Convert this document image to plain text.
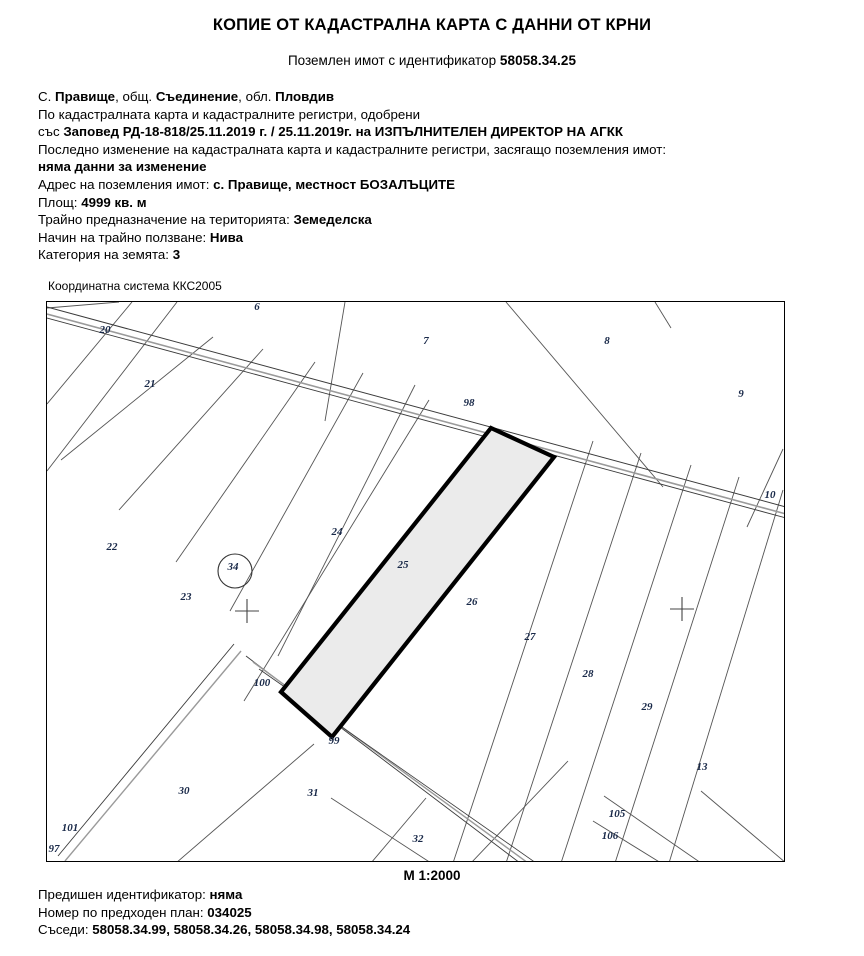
КОПИЕ ОТ КАДАСТРАЛНА КАРТА С ДАННИ ОТ КРНИ
Поземлен имот с идентификатор 58058.34.25
С. Правище, общ. Съединение, обл. Пловдив
По кадастралната карта и кадастралните регистри, одобрени
със Заповед РД-18-818/25.11.2019 г. / 25.11.2019г. на ИЗПЪЛНИТЕЛЕН ДИРЕКТОР НА АГКК
Последно изменение на кадастралната карта и кадастралните регистри, засягащо поземления имот:
няма данни за изменение
Адрес на поземления имот: с. Правище, местност БОЗАЛЪЦИТЕ
Площ: 4999 кв. м
Трайно предназначение на територията: Земеделска
Начин на трайно ползване: Нива
Категория на земята: 3
Координатна система ККС2005
20
6
7	8
21
9
98
10
24
22
25
34
23	26
27
28
100
29
99
13
30	31
105
101
32	106
97
M 1:2000
Предишен идентификатор: няма
Номер по предходен план: 034025
Съседи: 58058.34.99, 58058.34.26, 58058.34.98, 58058.34.24
